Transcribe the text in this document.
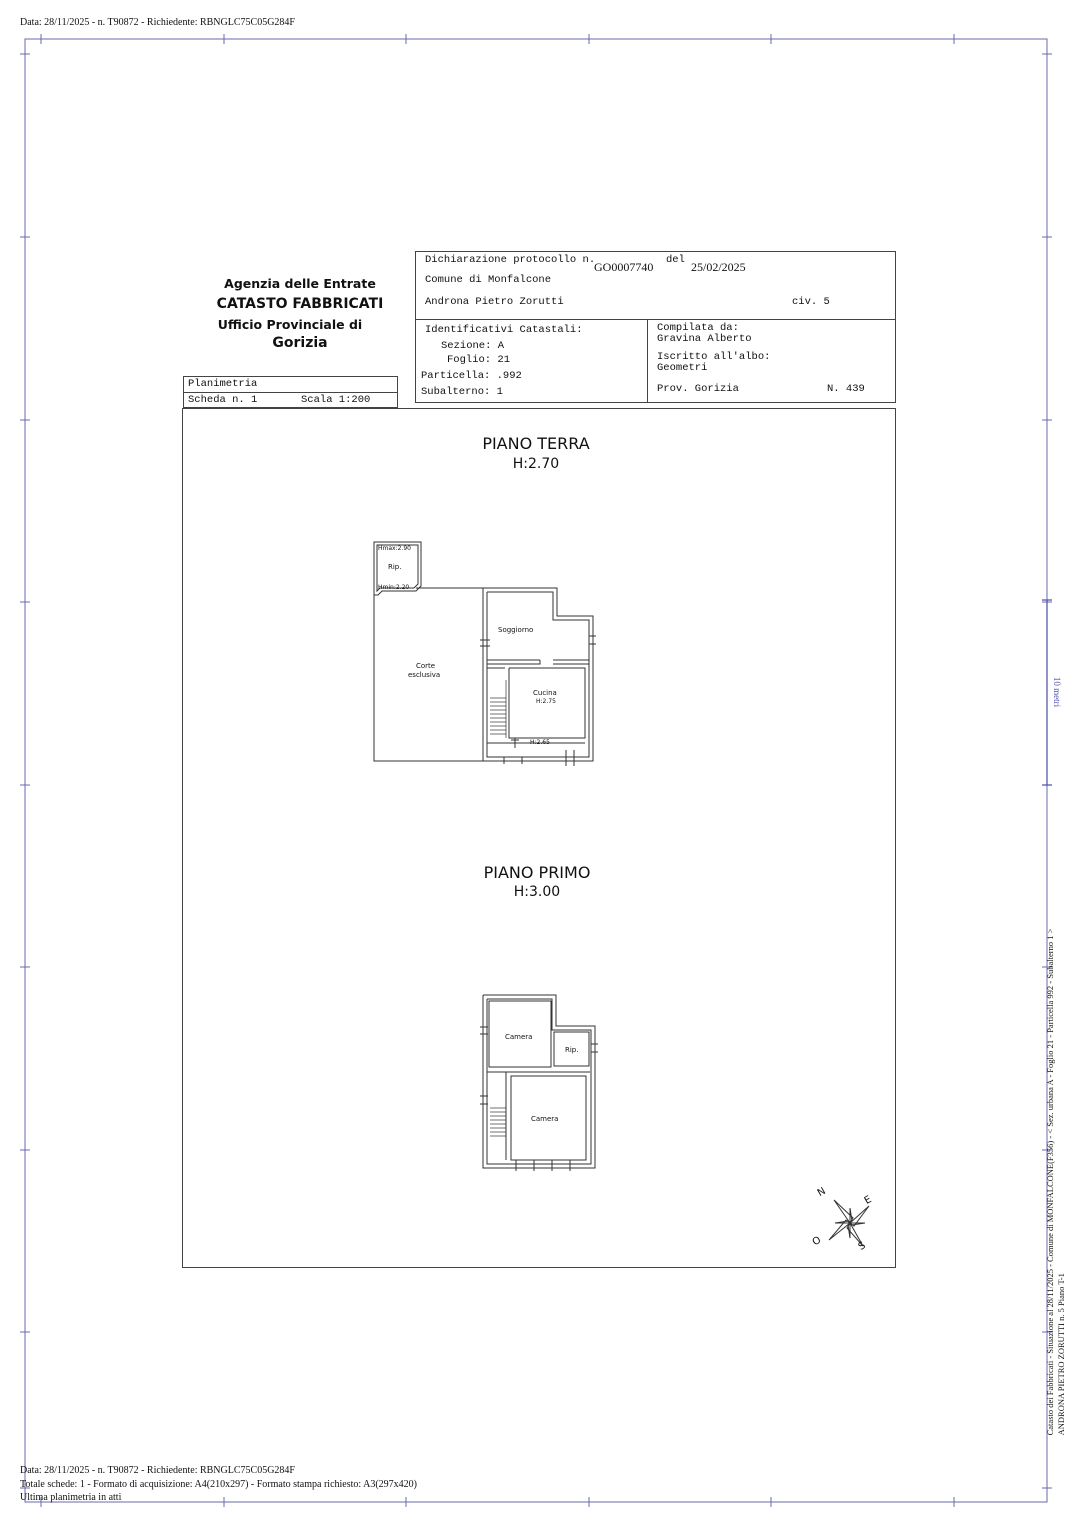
Data: 28/11/2025 - n. T90872 - Richiedente: RBNGLC75C05G284F
Agenzia delle Entrate
CATASTO FABBRICATI
Ufficio Provinciale di
Gorizia
Planimetria
Scheda n. 1	Scala 1:200
Dichiarazione protocollo n.
GO0007740 del 25/02/2025
Comune di Monfalcone
Androna Pietro Zorutti	civ. 5
Identificativi Catastali:
Sezione: A
Foglio: 21
Particella: .992
Subalterno: 1
Compilata da:
Gravina Alberto
Iscritto all'albo:
Geometri
Prov. Gorizia	N. 439
PIANO TERRA
H:2.70
PIANO PRIMO
H:3.00
Hmax:2.90
Rip.
Hmin:2.20
Soggiorno
Corte
esclusiva
Cucina
H:2.75
H:2.65
Camera
Rip.
Camera
N
E
S
O
10 metri
Catasto dei Fabbricati - Situazione al 28/11/2025 - Comune di MONFALCONE(F356) - < Sez. urbana A - Foglio 21 - Particella 992 - Subalterno 1 > ANDRONA PIETRO ZORUTTI n. 5 Piano T-1
Data: 28/11/2025 - n. T90872 - Richiedente: RBNGLC75C05G284F
Totale schede: 1 - Formato di acquisizione: A4(210x297) - Formato stampa richiesto: A3(297x420)
Ultima planimetria in atti
